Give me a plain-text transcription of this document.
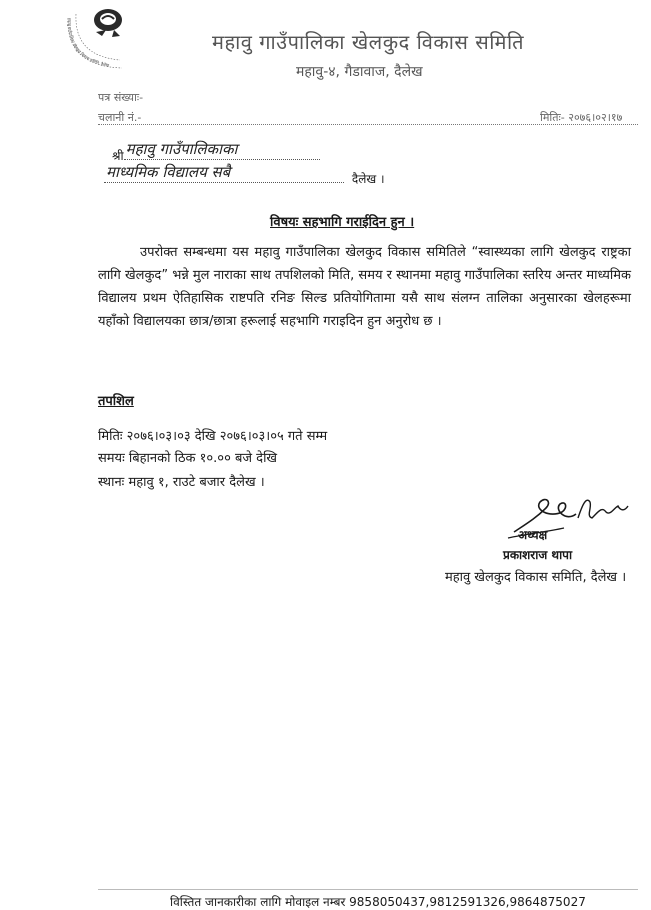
महावु गाउँपालिका खेलकुद विकास समिति, दैलेख
महावु गाउँपालिका खेलकुद विकास समिति
महावु-४, गैडावाज, दैलेख
पत्र संख्याः-
चलानी नं.-	मितिः- २०७६।०२।१७
श्री महावु गाउँपालिकाका
माध्यमिक विद्यालय सबै	दैलेख ।
विषयः सहभागि गराईदिन हुन ।
उपरोक्त सम्बन्धमा यस महावु गाउँपालिका खेलकुद विकास समितिले “स्वास्थ्यका लागि खेलकुद राष्ट्रका लागि खेलकुद” भन्ने मुल नाराका साथ तपशिलको मिति, समय र स्थानमा महावु गाउँपालिका स्तरिय अन्तर माध्यमिक विद्यालय प्रथम ऐतिहासिक राष्टपति रनिङ सिल्ड प्रतियोगितामा यसै साथ संलग्न तालिका अनुसारका खेलहरूमा यहाँको विद्यालयका छात्र/छात्रा हरूलाई सहभागि गराइदिन हुन अनुरोध छ ।
तपशिल
मितिः २०७६।०३।०३ देखि २०७६।०३।०५ गते सम्म
समयः बिहानको ठिक १०.०० बजे देखि
स्थानः महावु १, राउटे बजार दैलेख ।
अध्यक्ष
प्रकाशराज थापा
महावु खेलकुद विकास समिति, दैलेख ।
विस्तित जानकारीका लागि मोवाइल नम्बर 9858050437,9812591326,9864875027
